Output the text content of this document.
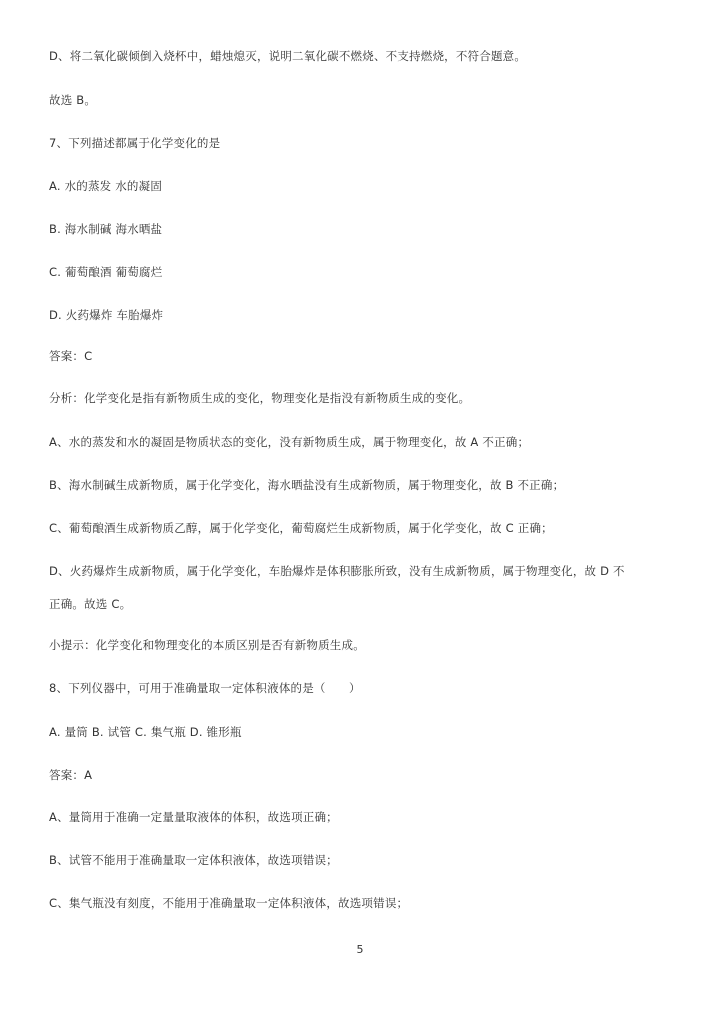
D、将二氧化碳倾倒入烧杯中，蜡烛熄灭，说明二氧化碳不燃烧、不支持燃烧，不符合题意。
故选 B。
7、下列描述都属于化学变化的是
A. 水的蒸发 水的凝固
B. 海水制碱 海水晒盐
C. 葡萄酿酒 葡萄腐烂
D. 火药爆炸 车胎爆炸
答案：C
分析：化学变化是指有新物质生成的变化，物理变化是指没有新物质生成的变化。
A、水的蒸发和水的凝固是物质状态的变化，没有新物质生成，属于物理变化，故 A 不正确；
B、海水制碱生成新物质，属于化学变化，海水晒盐没有生成新物质，属于物理变化，故 B 不正确；
C、葡萄酿酒生成新物质乙醇，属于化学变化，葡萄腐烂生成新物质，属于化学变化，故 C 正确；
D、火药爆炸生成新物质，属于化学变化，车胎爆炸是体积膨胀所致，没有生成新物质，属于物理变化，故 D 不
正确。故选 C。
小提示：化学变化和物理变化的本质区别是否有新物质生成。
8、下列仪器中，可用于准确量取一定体积液体的是（　　）
A. 量筒 B. 试管 C. 集气瓶 D. 锥形瓶
答案：A
A、量筒用于准确一定量量取液体的体积，故选项正确；
B、试管不能用于准确量取一定体积液体，故选项错误；
C、集气瓶没有刻度，不能用于准确量取一定体积液体，故选项错误；
5
